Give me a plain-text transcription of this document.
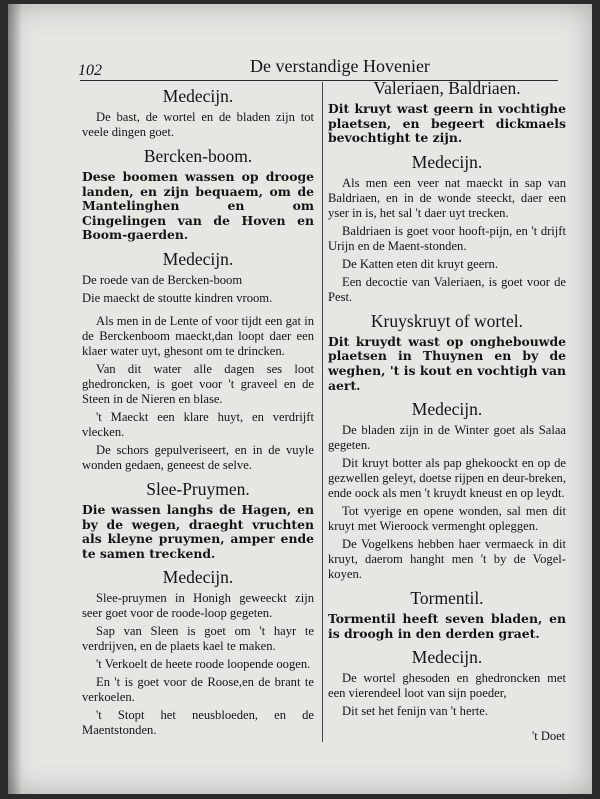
102	De verstandige Hovenier
Medecijn.

De bast, de wortel en de bladen zijn tot veele dingen goet.

Bercken-boom.
Dese boomen wassen op drooge landen, en zijn bequaem, om de Mantelinghen en om Cingelingen van de Hoven en Boom-gaerden.
Medecijn.

De roede van de Bercken-boom

Die maeckt de stoutte kindren vroom.

Als men in de Lente of voor tijdt een gat in de Berckenboom maeckt,dan loopt daer een klaer water uyt, ghesont om te drincken.

Van dit water alle dagen ses loot ghedroncken, is goet voor 't graveel en de Steen in de Nieren en blase.

't Maeckt een klare huyt, en verdrijft vlecken.

De schors gepulveriseert, en in de vuyle wonden gedaen, geneest de selve.

Slee-Pruymen.
Die wassen langhs de Hagen, en by de wegen, draeght vruchten als kleyne pruymen, amper ende te samen treckend.
Medecijn.

Slee-pruymen in Honigh geweeckt zijn seer goet voor de roode-loop gegeten.

Sap van Sleen is goet om 't hayr te verdrijven, en de plaets kael te maken.

't Verkoelt de heete roode loopende oogen.

En 't is goet voor de Roose,en de brant te verkoelen.

't Stopt het neusbloeden, en de Maentstonden.

Valeriaen, Baldriaen.
Dit kruyt wast geern in vochtighe plaetsen, en begeert dickmaels bevochtight te zijn.
Medecijn.

Als men een veer nat maeckt in sap van Baldriaen, en in de wonde steeckt, daer een yser in is, het sal 't daer uyt trecken.

Baldriaen is goet voor hooft-pijn, en 't drijft Urijn en de Maent-stonden.

De Katten eten dit kruyt geern.

Een decoctie van Valeriaen, is goet voor de Pest.

Kruyskruyt of wortel.
Dit kruydt wast op onghebouwde plaetsen in Thuynen en by de weghen, 't is kout en vochtigh van aert.
Medecijn.

De bladen zijn in de Winter goet als Salaa gegeten.

Dit kruyt botter als pap ghekoockt en op de gezwellen geleyt, doetse rijpen en deur-breken, ende oock als men 't kruydt kneust en op leydt.

Tot vyerige en opene wonden, sal men dit kruyt met Wieroock vermenght opleggen.

De Vogelkens hebben haer vermaeck in dit kruyt, daerom hanght men 't by de Vogel-koyen.

Tormentil.
Tormentil heeft seven bladen, en is droogh in den derden graet.
Medecijn.

De wortel ghesoden en ghedroncken met een vierendeel loot van sijn poeder,

Dit set het fenijn van 't herte.

't Doet
